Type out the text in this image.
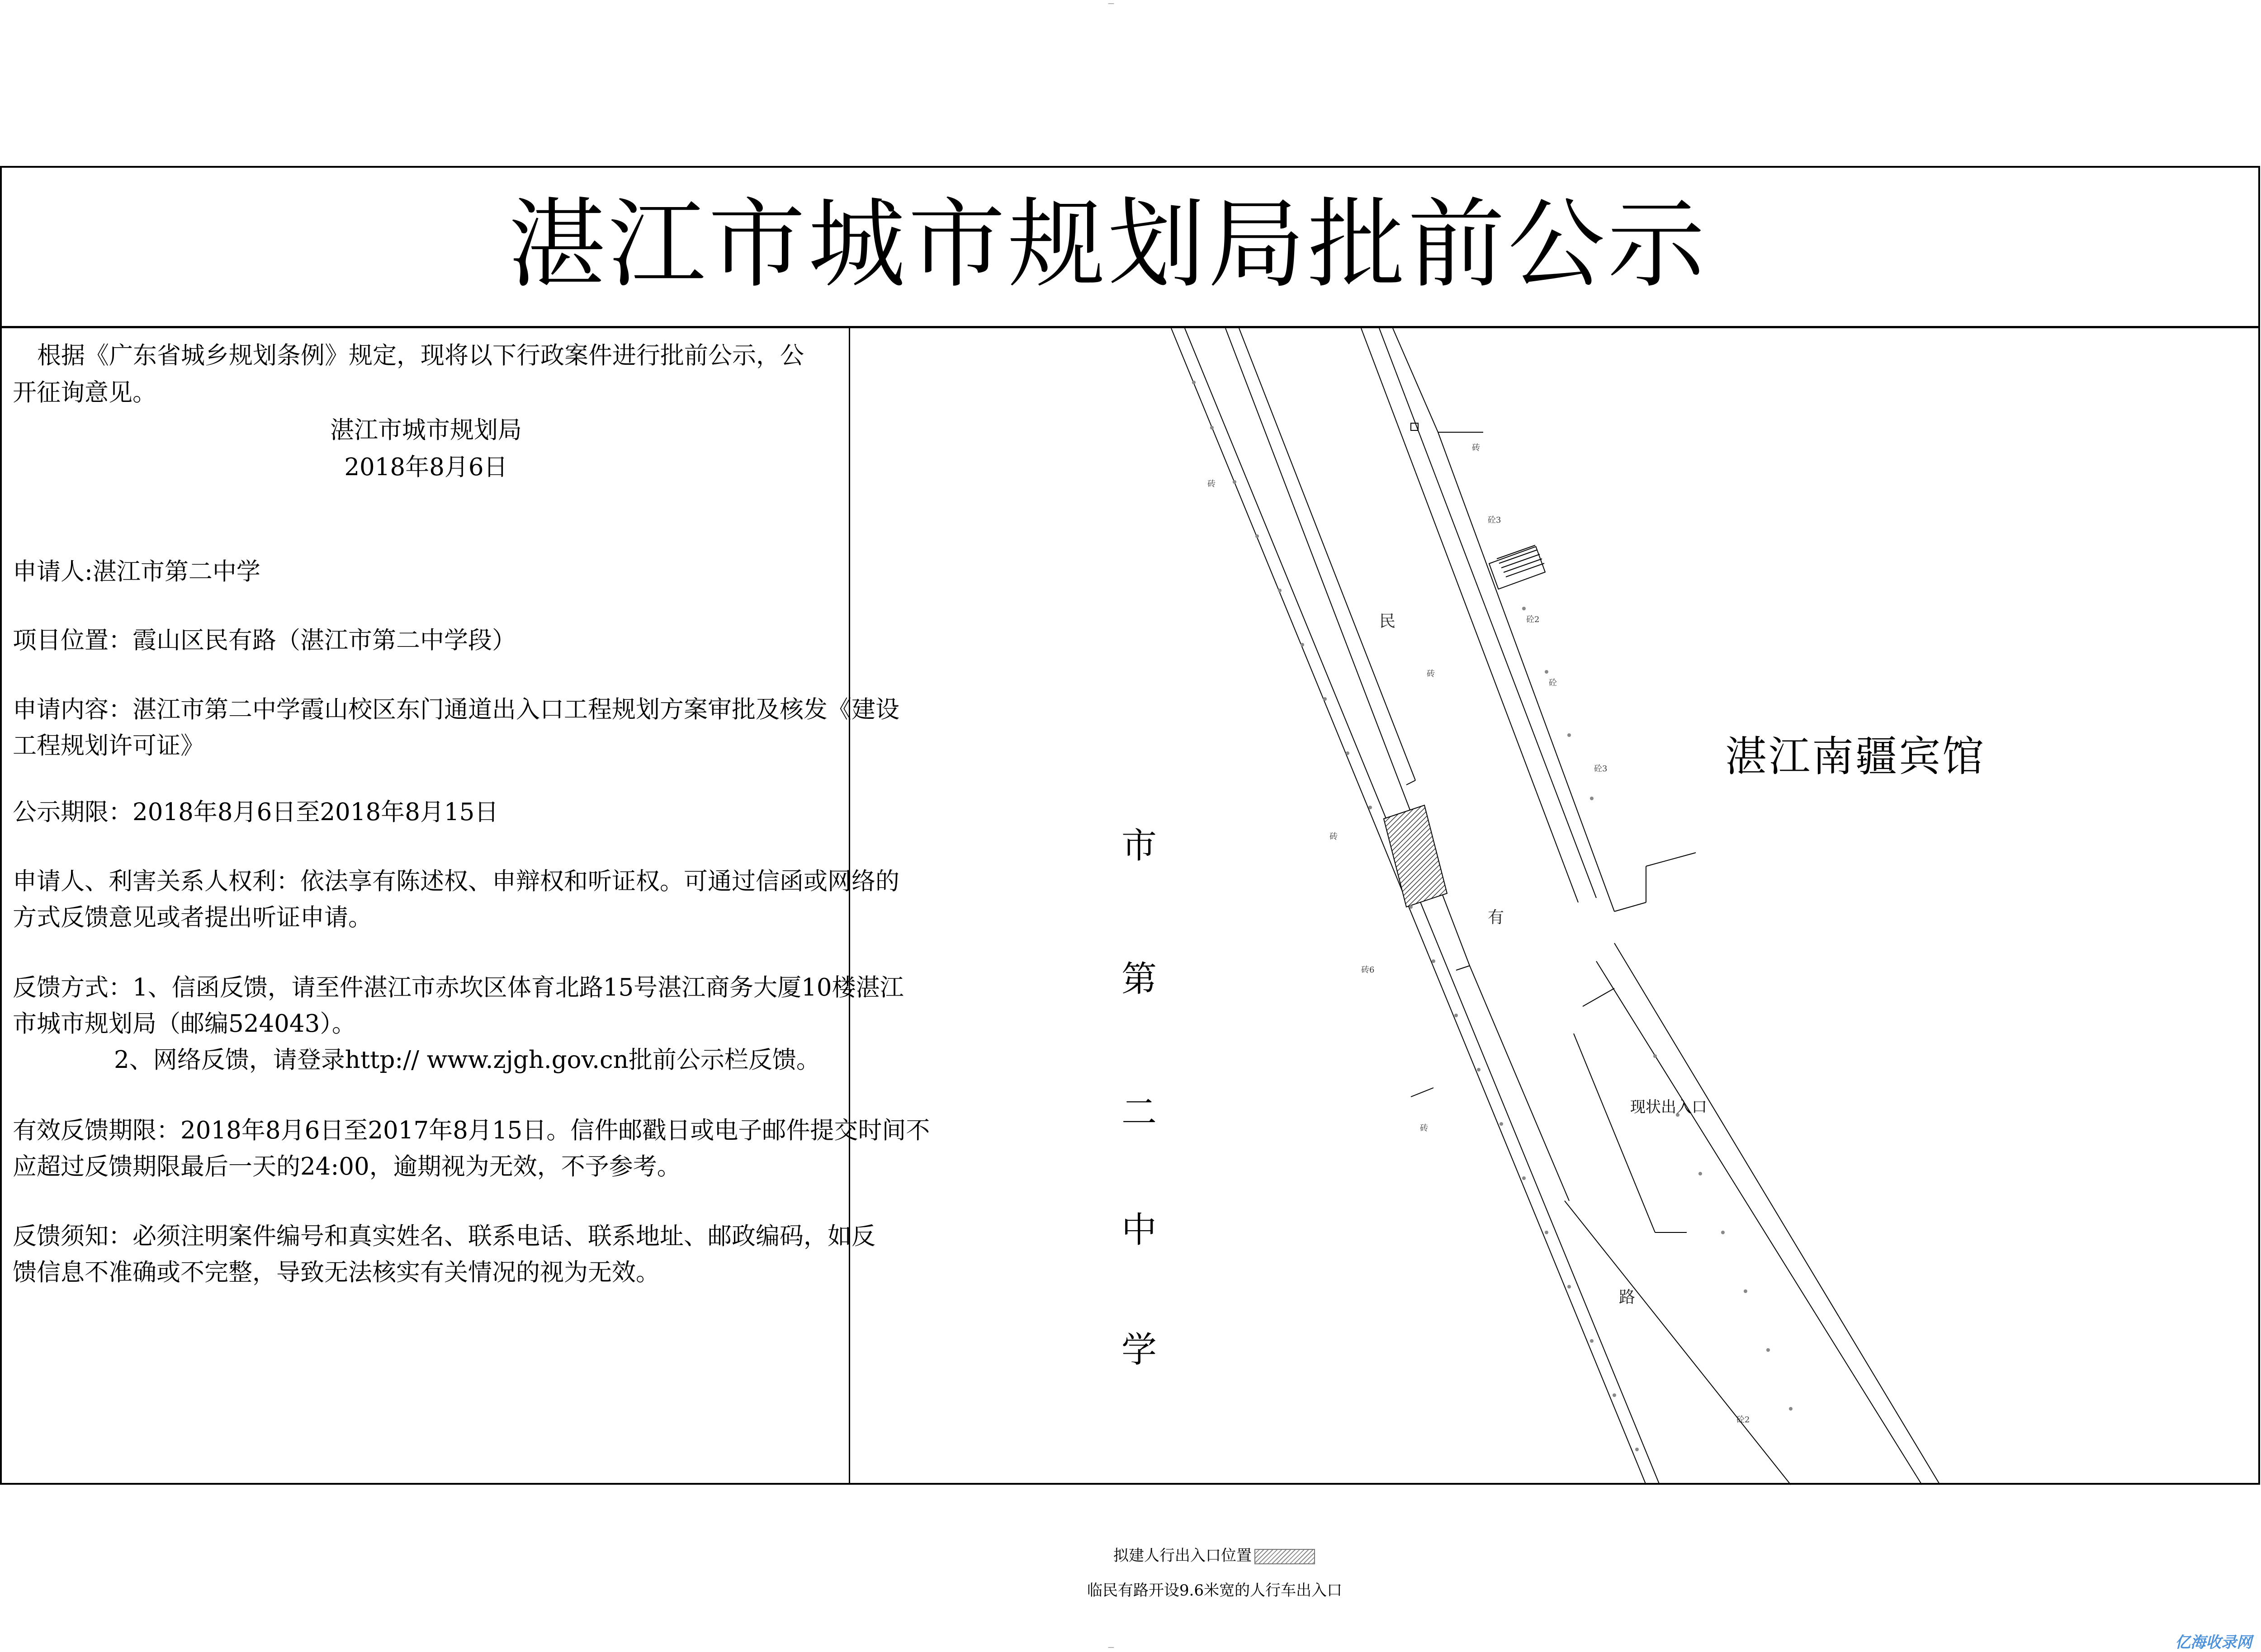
湛江市城市规划局批前公示
根据《广东省城乡规划条例》规定，现将以下行政案件进行批前公示，公
开征询意见。
湛江市城市规划局
2018年8月6日
申请人:湛江市第二中学
项目位置：霞山区民有路（湛江市第二中学段）
申请内容：湛江市第二中学霞山校区东门通道出入口工程规划方案审批及核发《建设
工程规划许可证》
公示期限：2018年8月6日至2018年8月15日
申请人、利害关系人权利：依法享有陈述权、申辩权和听证权。可通过信函或网络的
方式反馈意见或者提出听证申请。
反馈方式：1、信函反馈，请至件湛江市赤坎区体育北路15号湛江商务大厦10楼湛江
市城市规划局（邮编524043）。
2、网络反馈，请登录http:// www.zjgh.gov.cn批前公示栏反馈。
有效反馈期限：2018年8月6日至2017年8月15日。信件邮戳日或电子邮件提交时间不
应超过反馈期限最后一天的24:00，逾期视为无效，不予参考。
反馈须知：必须注明案件编号和真实姓名、联系电话、联系地址、邮政编码，如反
馈信息不准确或不完整，导致无法核实有关情况的视为无效。
市
第
二
中
学
民
有
路
现状出入口
砼3
砼2
砼
砼3
砼2
砖
砖
砖
砖6
砖
砖
拟建人行出入口位置
临民有路开设9.6米宽的人行车出入口
湛江南疆宾馆
—
—	亿海收录网
